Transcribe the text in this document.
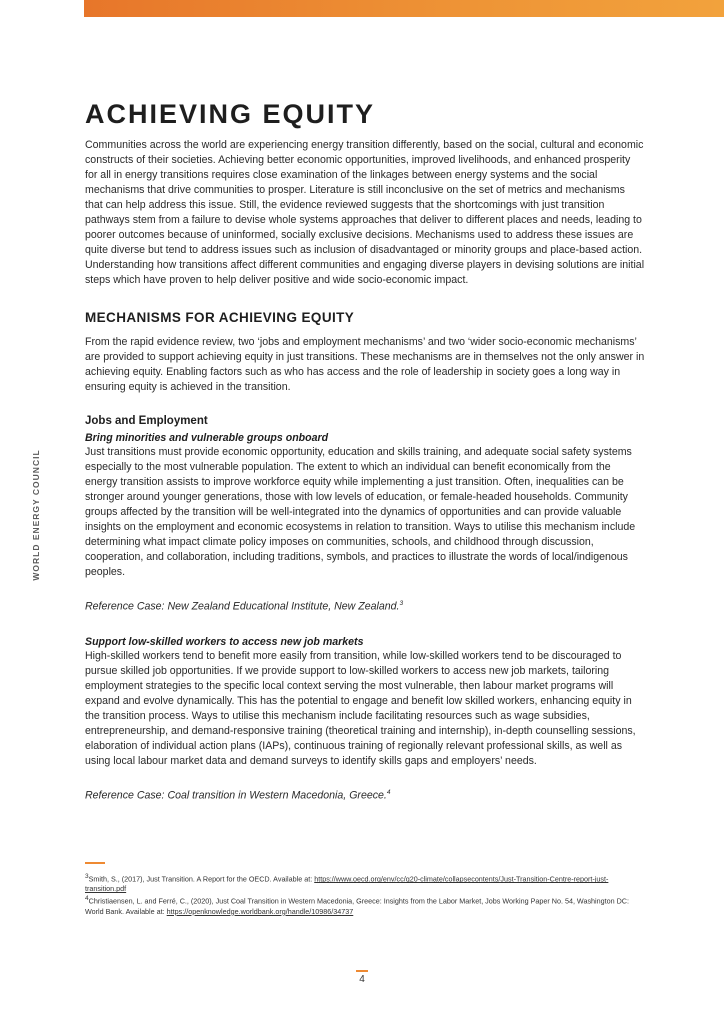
WORLD ENERGY COUNCIL
ACHIEVING EQUITY

Communities across the world are experiencing energy transition differently, based on the social, cultural and economic constructs of their societies. Achieving better economic opportunities, improved livelihoods, and enhanced prosperity for all in energy transitions requires close examination of the linkages between energy systems and the social mechanisms that drive communities to prosper. Literature is still inconclusive on the set of metrics and mechanisms that can help address this issue. Still, the evidence reviewed suggests that the shortcomings with just transition pathways stem from a failure to devise whole systems approaches that deliver to different places and needs, leading to poorer outcomes because of uninformed, socially exclusive decisions. Mechanisms used to address these issues are quite diverse but tend to address issues such as inclusion of disadvantaged or minority groups and place-based action. Understanding how transitions affect different communities and engaging diverse players in devising solutions are initial steps which have proven to help deliver positive and wide socio-economic impact.

MECHANISMS FOR ACHIEVING EQUITY

From the rapid evidence review, two ‘jobs and employment mechanisms’ and two ‘wider socio-economic mechanisms’ are provided to support achieving equity in just transitions. These mechanisms are in themselves not the only answer in achieving equity. Enabling factors such as who has access and the role of leadership in society goes a long way in ensuring equity is achieved in the transition.

Jobs and Employment
Bring minorities and vulnerable groups onboard

Just transitions must provide economic opportunity, education and skills training, and adequate social safety systems especially to the most vulnerable population. The extent to which an individual can benefit economically from the energy transition assists to improve workforce equity while implementing a just transition. Often, inequalities can be stronger around younger generations, those with low levels of education, or female-headed households. Community groups affected by the transition will be well-integrated into the dynamics of opportunities and can provide valuable insights on the employment and economic ecosystems in relation to transition. Ways to utilise this mechanism include determining what impact climate policy imposes on communities, schools, and childhood through discussion, cooperation, and collaboration, including traditions, symbols, and practices to illustrate the words of local/indigenous peoples.

Reference Case: New Zealand Educational Institute, New Zealand.$^3$

Support low-skilled workers to access new job markets

High-skilled workers tend to benefit more easily from transition, while low-skilled workers tend to be discouraged to pursue skilled job opportunities. If we provide support to low-skilled workers to access new job markets, tailoring employment strategies to the specific local context serving the most vulnerable, then labour market programs will expand and evolve dynamically. This has the potential to engage and benefit low skilled workers, enhancing equity in the transition process. Ways to utilise this mechanism include facilitating resources such as wage subsidies, entrepreneurship, and demand-responsive training (theoretical training and internship), in-depth counselling sessions, elaboration of individual action plans (IAPs), continuous training of regionally relevant professional skills, as well as using local labour market data and demand surveys to identify skills gaps and employers’ needs.

Reference Case: Coal transition in Western Macedonia, Greece.$^4$

$^3$Smith, S., (2017), Just Transition. A Report for the OECD. Available at: https://www.oecd.org/env/cc/g20-climate/collapsecontents/Just-Transition-Centre-report-just-transition.pdf
$^4$Christiaensen, L. and Ferré, C., (2020), Just Coal Transition in Western Macedonia, Greece: Insights from the Labor Market, Jobs Working Paper No. 54, Washington DC: World Bank. Available at: https://openknowledge.worldbank.org/handle/10986/34737
4
